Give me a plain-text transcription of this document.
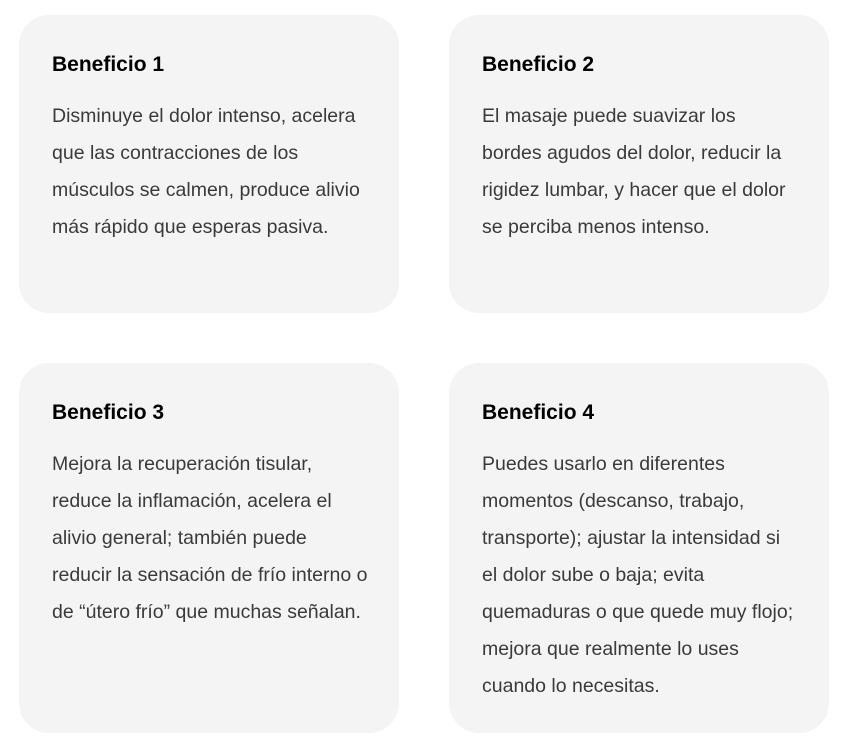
Beneficio 1

Disminuye el dolor intenso, acelera que las contracciones de los músculos se calmen, produce alivio más rápido que esperas pasiva.

Beneficio 2

El masaje puede suavizar los bordes agudos del dolor, reducir la rigidez lumbar, y hacer que el dolor se perciba menos intenso.

Beneficio 3

Mejora la recuperación tisular, reduce la inflamación, acelera el alivio general; también puede reducir la sensación de frío interno o de “útero frío” que muchas señalan.

Beneficio 4

Puedes usarlo en diferentes momentos (descanso, trabajo, transporte); ajustar la intensidad si el dolor sube o baja; evita quemaduras o que quede muy flojo; mejora que realmente lo uses cuando lo necesitas.
